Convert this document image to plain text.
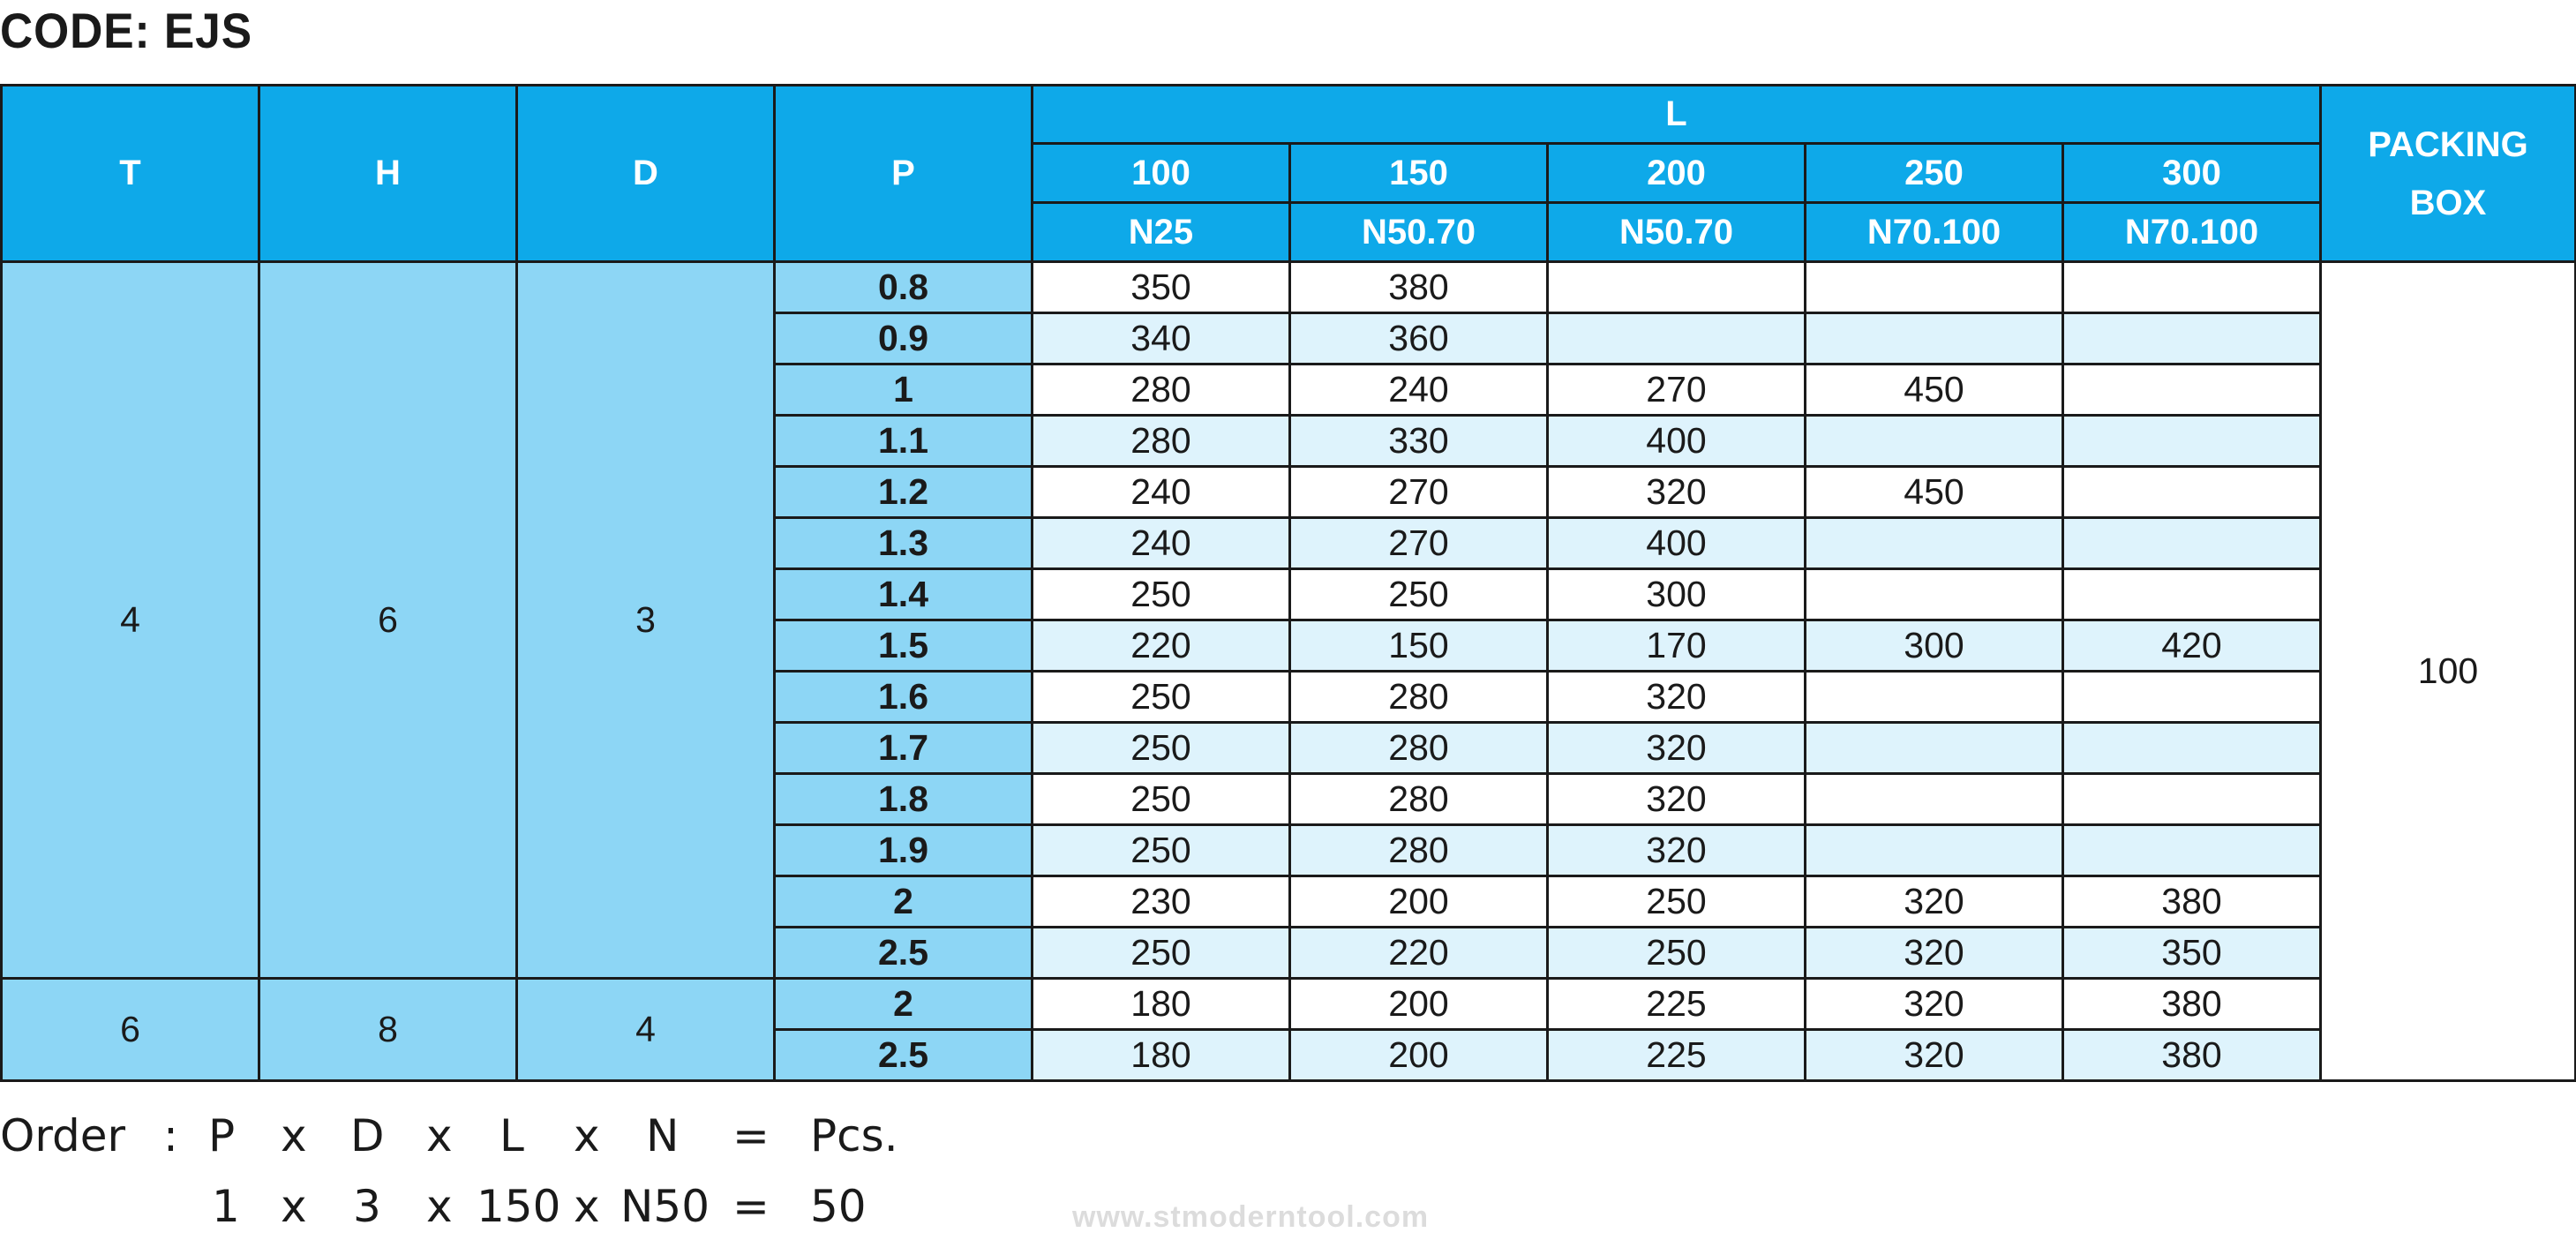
CODE: EJS
T	H	D	P	L					PACKING
BOX
				100	150	200	250	300	
				N25	N50.70	N50.70	N70.100	N70.100	
4	6	3	0.8	350	380				100
			0.9	340	360				
			1	280	240	270	450		
			1.1	280	330	400			
			1.2	240	270	320	450		
			1.3	240	270	400			
			1.4	250	250	300			
			1.5	220	150	170	300	420	
			1.6	250	280	320			
			1.7	250	280	320			
			1.8	250	280	320			
			1.9	250	280	320			
			2	230	200	250	320	380	
			2.5	250	220	250	320	350	
6	8	4	2	180	200	225	320	380	
			2.5	180	200	225	320	380	
Order : P x D x L x N = Pcs.
1 x 3 x 150 x N50 = 50	www.stmoderntool.com
